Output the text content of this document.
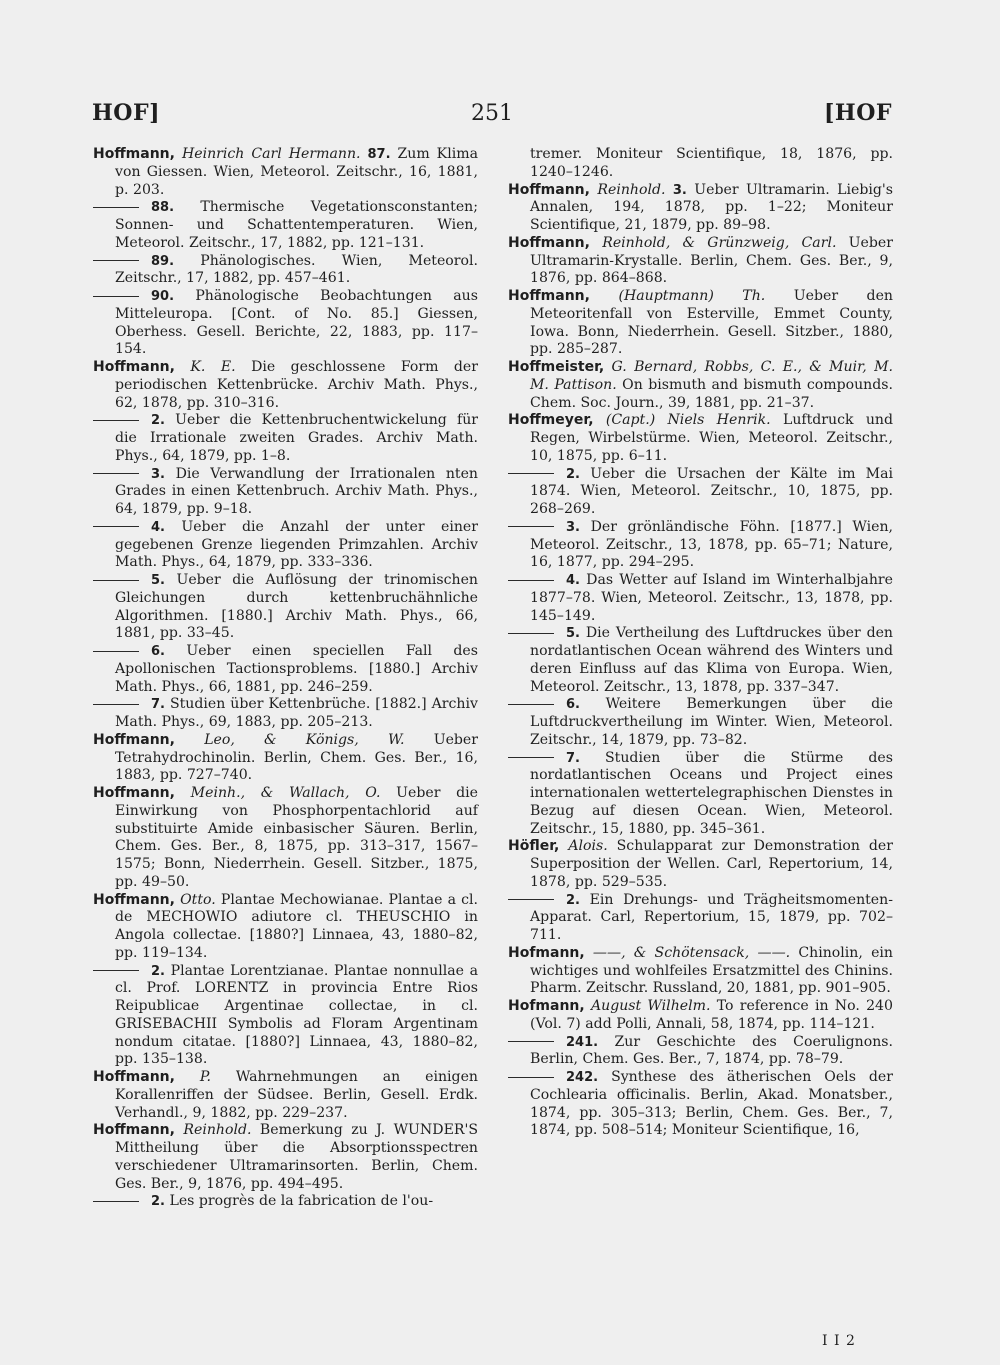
HOF]	251	[HOF
Hoffmann, Heinrich Carl Hermann. 87. Zum Klima von Giessen. Wien, Meteorol. Zeitschr., 16, 1881, p. 203.
88. Thermische Vegetationsconstanten; Sonnen- und Schattentemperaturen. Wien, Meteorol. Zeitschr., 17, 1882, pp. 121–131.
89. Phänologisches. Wien, Meteorol. Zeitschr., 17, 1882, pp. 457–461.
90. Phänologische Beobachtungen aus Mitteleuropa. [Cont. of No. 85.] Giessen, Oberhess. Gesell. Berichte, 22, 1883, pp. 117–154.
Hoffmann, K. E. Die geschlossene Form der periodischen Kettenbrücke. Archiv Math. Phys., 62, 1878, pp. 310–316.
2. Ueber die Kettenbruchentwickelung für die Irrationale zweiten Grades. Archiv Math. Phys., 64, 1879, pp. 1–8.
3. Die Verwandlung der Irrationalen nten Grades in einen Kettenbruch. Archiv Math. Phys., 64, 1879, pp. 9–18.
4. Ueber die Anzahl der unter einer gegebenen Grenze liegenden Primzahlen. Archiv Math. Phys., 64, 1879, pp. 333–336.
5. Ueber die Auflösung der trinomischen Gleichungen durch kettenbruchähnliche Algorithmen. [1880.] Archiv Math. Phys., 66, 1881, pp. 33–45.
6. Ueber einen speciellen Fall des Apollonischen Tactionsproblems. [1880.] Archiv Math. Phys., 66, 1881, pp. 246–259.
7. Studien über Kettenbrüche. [1882.] Archiv Math. Phys., 69, 1883, pp. 205–213.
Hoffmann, Leo, & Königs, W. Ueber Tetrahydrochinolin. Berlin, Chem. Ges. Ber., 16, 1883, pp. 727–740.
Hoffmann, Meinh., & Wallach, O. Ueber die Einwirkung von Phosphorpentachlorid auf substituirte Amide einbasischer Säuren. Berlin, Chem. Ges. Ber., 8, 1875, pp. 313–317, 1567–1575; Bonn, Niederrhein. Gesell. Sitzber., 1875, pp. 49–50.
Hoffmann, Otto. Plantae Mechowianae. Plantae a cl. de MECHOWIO adiutore cl. THEUSCHIO in Angola collectae. [1880?] Linnaea, 43, 1880–82, pp. 119–134.
2. Plantae Lorentzianae. Plantae nonnullae a cl. Prof. LORENTZ in provincia Entre Rios Reipublicae Argentinae collectae, in cl. GRISEBACHII Symbolis ad Floram Argentinam nondum citatae. [1880?] Linnaea, 43, 1880–82, pp. 135–138.
Hoffmann, P. Wahrnehmungen an einigen Korallenriffen der Südsee. Berlin, Gesell. Erdk. Verhandl., 9, 1882, pp. 229–237.
Hoffmann, Reinhold. Bemerkung zu J. WUNDER'S Mittheilung über die Absorptionsspectren verschiedener Ultramarinsorten. Berlin, Chem. Ges. Ber., 9, 1876, pp. 494–495.
2. Les progrès de la fabrication de l'ou-
tremer. Moniteur Scientifique, 18, 1876, pp. 1240–1246.
Hoffmann, Reinhold. 3. Ueber Ultramarin. Liebig's Annalen, 194, 1878, pp. 1–22; Moniteur Scientifique, 21, 1879, pp. 89–98.
Hoffmann, Reinhold, & Grünzweig, Carl. Ueber Ultramarin-Krystalle. Berlin, Chem. Ges. Ber., 9, 1876, pp. 864–868.
Hoffmann, (Hauptmann) Th. Ueber den Meteoritenfall von Esterville, Emmet County, Iowa. Bonn, Niederrhein. Gesell. Sitzber., 1880, pp. 285–287.
Hoffmeister, G. Bernard, Robbs, C. E., & Muir, M. M. Pattison. On bismuth and bismuth compounds. Chem. Soc. Journ., 39, 1881, pp. 21–37.
Hoffmeyer, (Capt.) Niels Henrik. Luftdruck und Regen, Wirbelstürme. Wien, Meteorol. Zeitschr., 10, 1875, pp. 6–11.
2. Ueber die Ursachen der Kälte im Mai 1874. Wien, Meteorol. Zeitschr., 10, 1875, pp. 268–269.
3. Der grönländische Föhn. [1877.] Wien, Meteorol. Zeitschr., 13, 1878, pp. 65–71; Nature, 16, 1877, pp. 294–295.
4. Das Wetter auf Island im Winterhalbjahre 1877–78. Wien, Meteorol. Zeitschr., 13, 1878, pp. 145–149.
5. Die Vertheilung des Luftdruckes über den nordatlantischen Ocean während des Winters und deren Einfluss auf das Klima von Europa. Wien, Meteorol. Zeitschr., 13, 1878, pp. 337–347.
6. Weitere Bemerkungen über die Luftdruckvertheilung im Winter. Wien, Meteorol. Zeitschr., 14, 1879, pp. 73–82.
7. Studien über die Stürme des nordatlantischen Oceans und Project eines internationalen wettertelegraphischen Dienstes in Bezug auf diesen Ocean. Wien, Meteorol. Zeitschr., 15, 1880, pp. 345–361.
Höfler, Alois. Schulapparat zur Demonstration der Superposition der Wellen. Carl, Repertorium, 14, 1878, pp. 529–535.
2. Ein Drehungs- und Trägheitsmomenten-Apparat. Carl, Repertorium, 15, 1879, pp. 702–711.
Hofmann, ——, & Schötensack, ——. Chinolin, ein wichtiges und wohlfeiles Ersatzmittel des Chinins. Pharm. Zeitschr. Russland, 20, 1881, pp. 901–905.
Hofmann, August Wilhelm. To reference in No. 240 (Vol. 7) add Polli, Annali, 58, 1874, pp. 114–121.
241. Zur Geschichte des Coerulignons. Berlin, Chem. Ges. Ber., 7, 1874, pp. 78–79.
242. Synthese des ätherischen Oels der Cochlearia officinalis. Berlin, Akad. Monatsber., 1874, pp. 305–313; Berlin, Chem. Ges. Ber., 7, 1874, pp. 508–514; Moniteur Scientifique, 16,
I I 2
